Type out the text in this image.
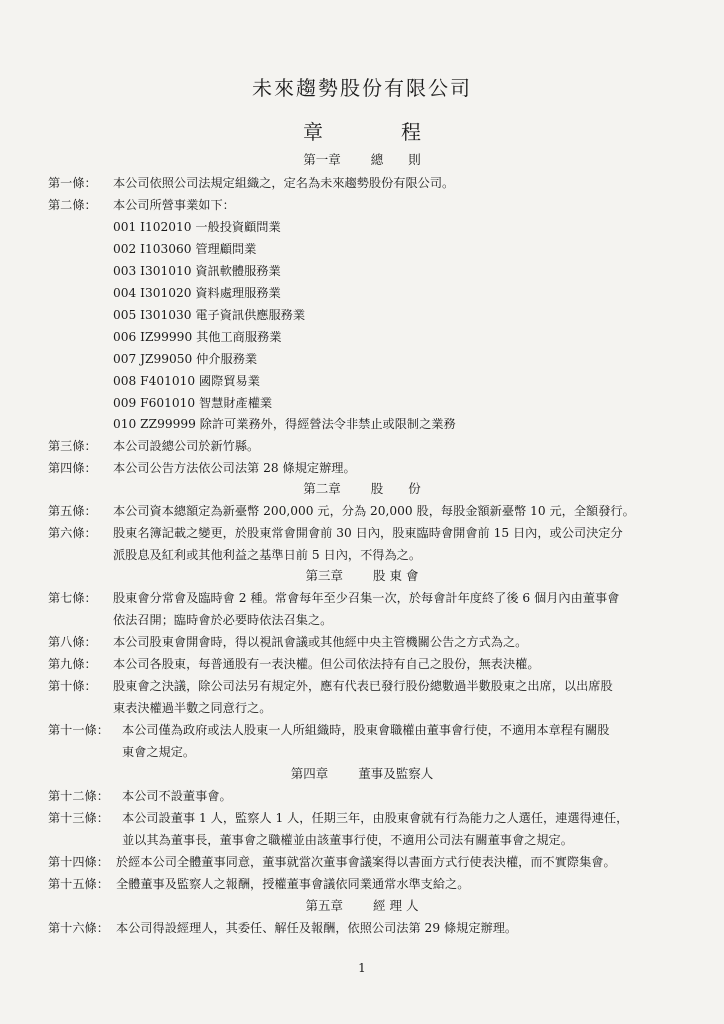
未來趨勢股份有限公司
章程
第一章 總　　則
第一條： 本公司依照公司法規定組織之，定名為未來趨勢股份有限公司。
第二條： 本公司所營事業如下：
001 I102010 一般投資顧問業
002 I103060 管理顧問業
003 I301010 資訊軟體服務業
004 I301020 資料處理服務業
005 I301030 電子資訊供應服務業
006 IZ99990 其他工商服務業
007 JZ99050 仲介服務業
008 F401010 國際貿易業
009 F601010 智慧財產權業
010 ZZ99999 除許可業務外，得經營法令非禁止或限制之業務
第三條： 本公司設總公司於新竹縣。
第四條： 本公司公告方法依公司法第 28 條規定辦理。
第二章 股　　份
第五條： 本公司資本總額定為新臺幣 200,000 元，分為 20,000 股，每股金額新臺幣 10 元，全額發行。
第六條： 股東名簿記載之變更，於股東常會開會前 30 日內，股東臨時會開會前 15 日內，或公司決定分
派股息及紅利或其他利益之基準日前 5 日內，不得為之。
第三章 股 東 會
第七條： 股東會分常會及臨時會 2 種。常會每年至少召集一次，於每會計年度終了後 6 個月內由董事會
依法召開；臨時會於必要時依法召集之。
第八條： 本公司股東會開會時，得以視訊會議或其他經中央主管機關公告之方式為之。
第九條： 本公司各股東，每普通股有一表決權。但公司依法持有自己之股份，無表決權。
第十條： 股東會之決議，除公司法另有規定外，應有代表已發行股份總數過半數股東之出席，以出席股
東表決權過半數之同意行之。
第十一條： 本公司僅為政府或法人股東一人所組織時，股東會職權由董事會行使，不適用本章程有關股
東會之規定。
第四章 董事及監察人
第十二條： 本公司不設董事會。
第十三條： 本公司設董事 1 人，監察人 1 人，任期三年，由股東會就有行為能力之人選任，連選得連任，
並以其為董事長，董事會之職權並由該董事行使，不適用公司法有關董事會之規定。
第十四條： 於經本公司全體董事同意，董事就當次董事會議案得以書面方式行使表決權，而不實際集會。
第十五條： 全體董事及監察人之報酬，授權董事會議依同業通常水準支給之。
第五章 經 理 人
第十六條： 本公司得設經理人，其委任、解任及報酬，依照公司法第 29 條規定辦理。
1
